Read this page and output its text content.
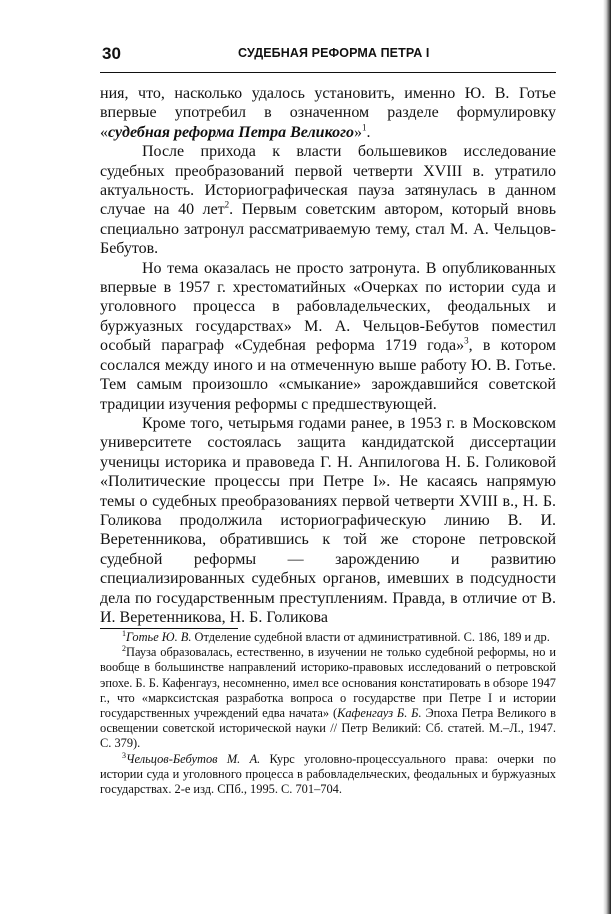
30	СУДЕБНАЯ РЕФОРМА ПЕТРА I

ния, что, насколько удалось установить, именно Ю. В. Готье впервые употребил в означенном разделе формулировку «судебная реформа Петра Великого»$^1$.

После прихода к власти большевиков исследование судебных преобразований первой четверти XVIII в. утратило актуальность. Историографическая пауза затянулась в данном случае на 40 лет$^2$. Первым советским автором, который вновь специально затронул рассматриваемую тему, стал М. А. Чельцов-Бебутов.

Но тема оказалась не просто затронута. В опубликованных впервые в 1957 г. хрестоматийных «Очерках по истории суда и уголовного процесса в рабовладельческих, феодальных и буржуазных государствах» М. А. Чельцов-Бебутов поместил особый параграф «Судебная реформа 1719 года»$^3$, в котором сослался между иного и на отмеченную выше работу Ю. В. Готье. Тем самым произошло «смыкание» зарождавшийся советской традиции изучения реформы с предшествующей.

Кроме того, четырьмя годами ранее, в 1953 г. в Московском университете состоялась защита кандидатской диссертации ученицы историка и правоведа Г. Н. Анпилогова Н. Б. Голиковой «Политические процессы при Петре I». Не касаясь напрямую темы о судебных преобразованиях первой четверти XVIII в., Н. Б. Голикова продолжила историографическую линию В. И. Веретенникова, обратившись к той же стороне петровской судебной реформы — зарождению и развитию специализированных судебных органов, имевших в подсудности дела по государственным преступлениям. Правда, в отличие от В. И. Веретенникова, Н. Б. Голикова

$^1$Готье Ю. В. Отделение судебной власти от административной. С. 186, 189 и др.

$^2$Пауза образовалась, естественно, в изучении не только судебной реформы, но и вообще в большинстве направлений историко-правовых исследований о петровской эпохе. Б. Б. Кафенгауз, несомненно, имел все основания констатировать в обзоре 1947 г., что «марксистская разработка вопроса о государстве при Петре I и истории государственных учреждений едва начата» (Кафенгауз Б. Б. Эпоха Петра Великого в освещении советской исторической науки // Петр Великий: Сб. статей. М.–Л., 1947. С. 379).

$^3$Чельцов-Бебутов М. А. Курс уголовно-процессуального права: очерки по истории суда и уголовного процесса в рабовладельческих, феодальных и буржуазных государствах. 2-е изд. СПб., 1995. С. 701–704.
